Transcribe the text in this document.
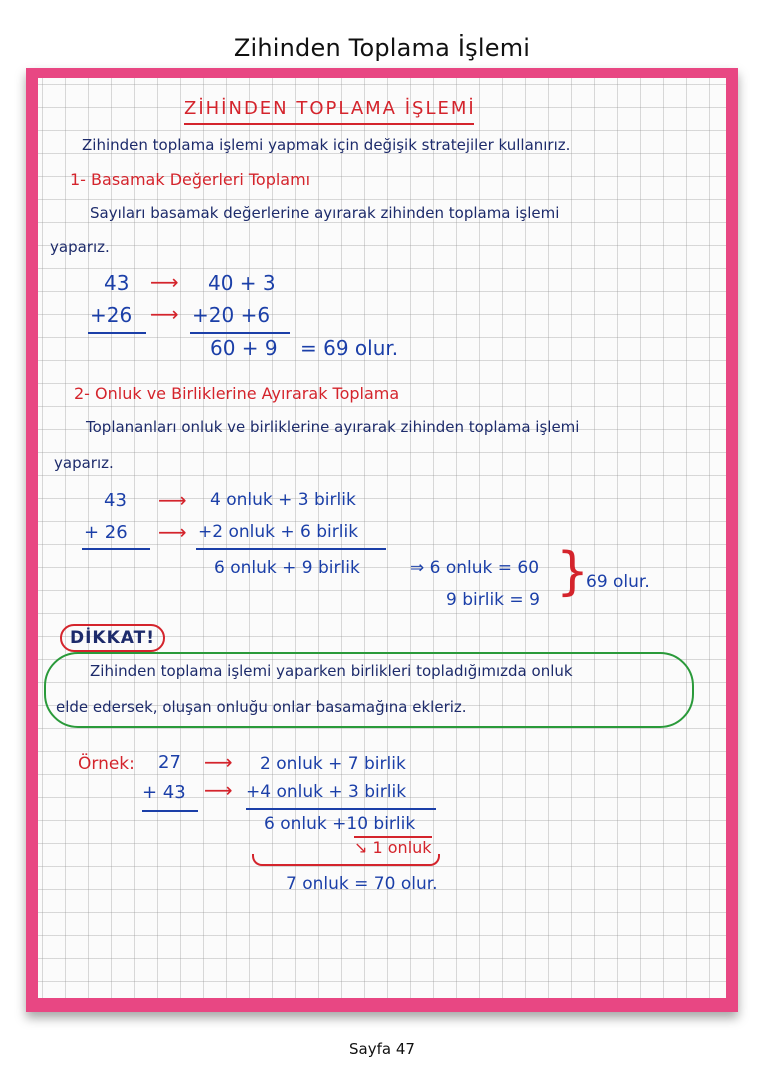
Zihinden Toplama İşlemi
ZİHİNDEN TOPLAMA İŞLEMİ
Zihinden toplama işlemi yapmak için değişik stratejiler kullanırız.
1- Basamak Değerleri Toplamı
Sayıları basamak değerlerine ayırarak zihinden toplama işlemi
yaparız.
43 ⟶ 40 + 3
+26 ⟶ +20 +6
60 + 9 = 69 olur.
2- Onluk ve Birliklerine Ayırarak Toplama
Toplananları onluk ve birliklerine ayırarak zihinden toplama işlemi
yaparız.
43 ⟶ 4 onluk + 3 birlik
+ 26 ⟶ +2 onluk + 6 birlik
6 onluk + 9 birlik	⇒ 6 onluk = 60
9 birlik = 9 }
69 olur.
DİKKAT!
Zihinden toplama işlemi yaparken birlikleri topladığımızda onluk
elde edersek, oluşan onluğu onlar basamağına ekleriz.
Örnek: 27 ⟶ 2 onluk + 7 birlik
+ 43 ⟶ +4 onluk + 3 birlik
6 onluk +10 birlik
↘ 1 onluk
7 onluk = 70 olur.
Sayfa 47
